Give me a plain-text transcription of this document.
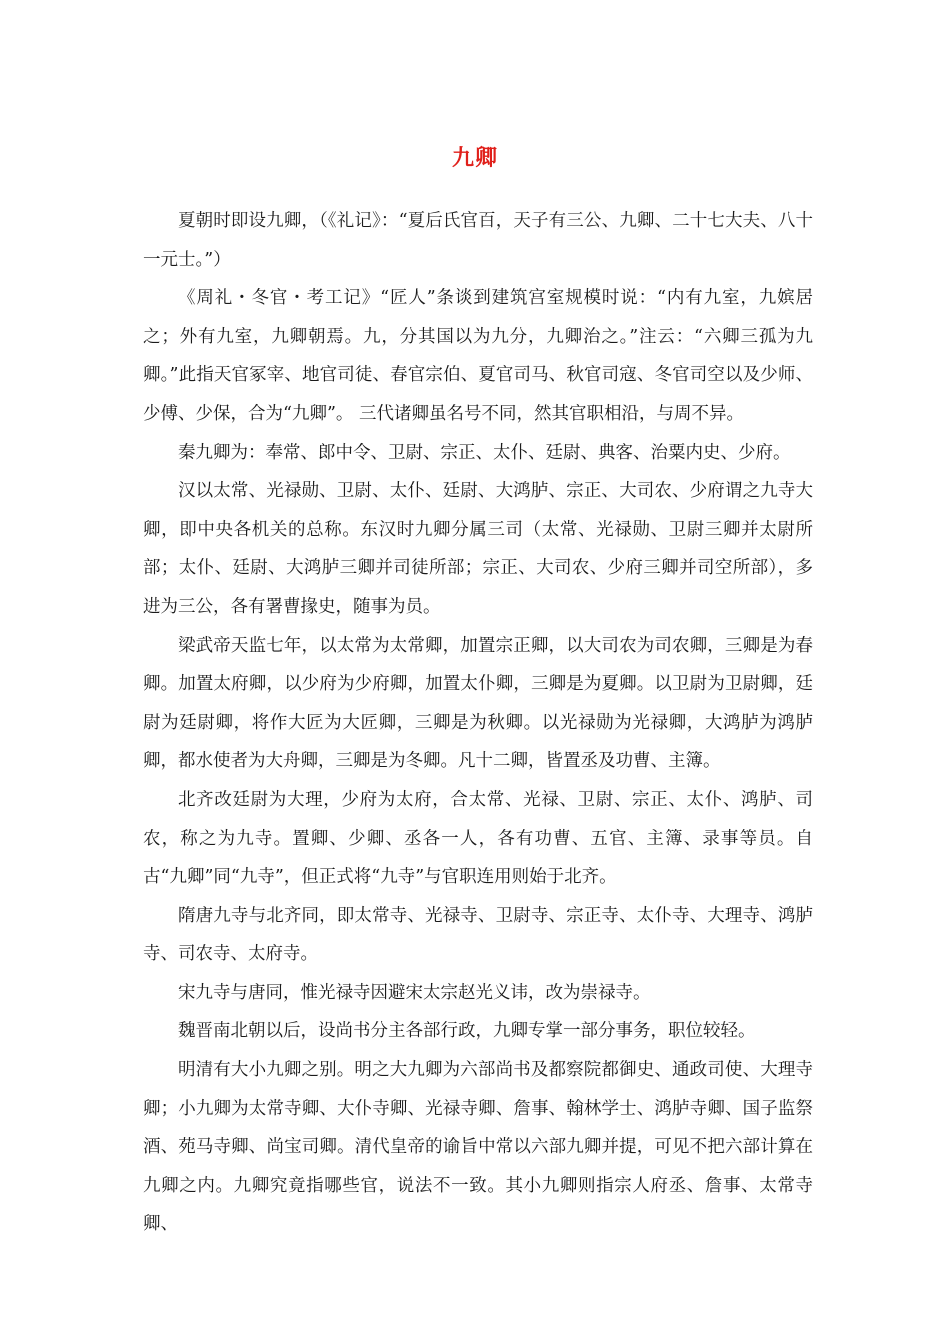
九卿

夏朝时即设九卿，（《礼记》：“夏后氏官百，天子有三公、九卿、二十七大夫、八十一元士。”）

《周礼・冬官・考工记》“匠人”条谈到建筑宫室规模时说：“内有九室，九嫔居之；外有九室，九卿朝焉。九，分其国以为九分，九卿治之。”注云：“六卿三孤为九卿。”此指天官冢宰、地官司徒、春官宗伯、夏官司马、秋官司寇、冬官司空以及少师、少傅、少保，合为“九卿”。 三代诸卿虽名号不同，然其官职相沿，与周不异。

秦九卿为：奉常、郎中令、卫尉、宗正、太仆、廷尉、典客、治粟内史、少府。

汉以太常、光禄勋、卫尉、太仆、廷尉、大鸿胪、宗正、大司农、少府谓之九寺大卿，即中央各机关的总称。东汉时九卿分属三司（太常、光禄勋、卫尉三卿并太尉所部；太仆、廷尉、大鸿胪三卿并司徒所部；宗正、大司农、少府三卿并司空所部），多进为三公，各有署曹掾史，随事为员。

梁武帝天监七年，以太常为太常卿，加置宗正卿，以大司农为司农卿，三卿是为春卿。加置太府卿，以少府为少府卿，加置太仆卿，三卿是为夏卿。以卫尉为卫尉卿，廷尉为廷尉卿，将作大匠为大匠卿，三卿是为秋卿。以光禄勋为光禄卿，大鸿胪为鸿胪卿，都水使者为大舟卿，三卿是为冬卿。凡十二卿，皆置丞及功曹、主簿。

北齐改廷尉为大理，少府为太府，合太常、光禄、卫尉、宗正、太仆、鸿胪、司农，称之为九寺。置卿、少卿、丞各一人，各有功曹、五官、主簿、录事等员。自古“九卿”同“九寺”，但正式将“九寺”与官职连用则始于北齐。

隋唐九寺与北齐同，即太常寺、光禄寺、卫尉寺、宗正寺、太仆寺、大理寺、鸿胪寺、司农寺、太府寺。

宋九寺与唐同，惟光禄寺因避宋太宗赵光义讳，改为崇禄寺。

魏晋南北朝以后，设尚书分主各部行政，九卿专掌一部分事务，职位较轻。

明清有大小九卿之别。明之大九卿为六部尚书及都察院都御史、通政司使、大理寺卿；小九卿为太常寺卿、大仆寺卿、光禄寺卿、詹事、翰林学士、鸿胪寺卿、国子监祭酒、苑马寺卿、尚宝司卿。清代皇帝的谕旨中常以六部九卿并提，可见不把六部计算在九卿之内。九卿究竟指哪些官，说法不一致。其小九卿则指宗人府丞、詹事、太常寺卿、
